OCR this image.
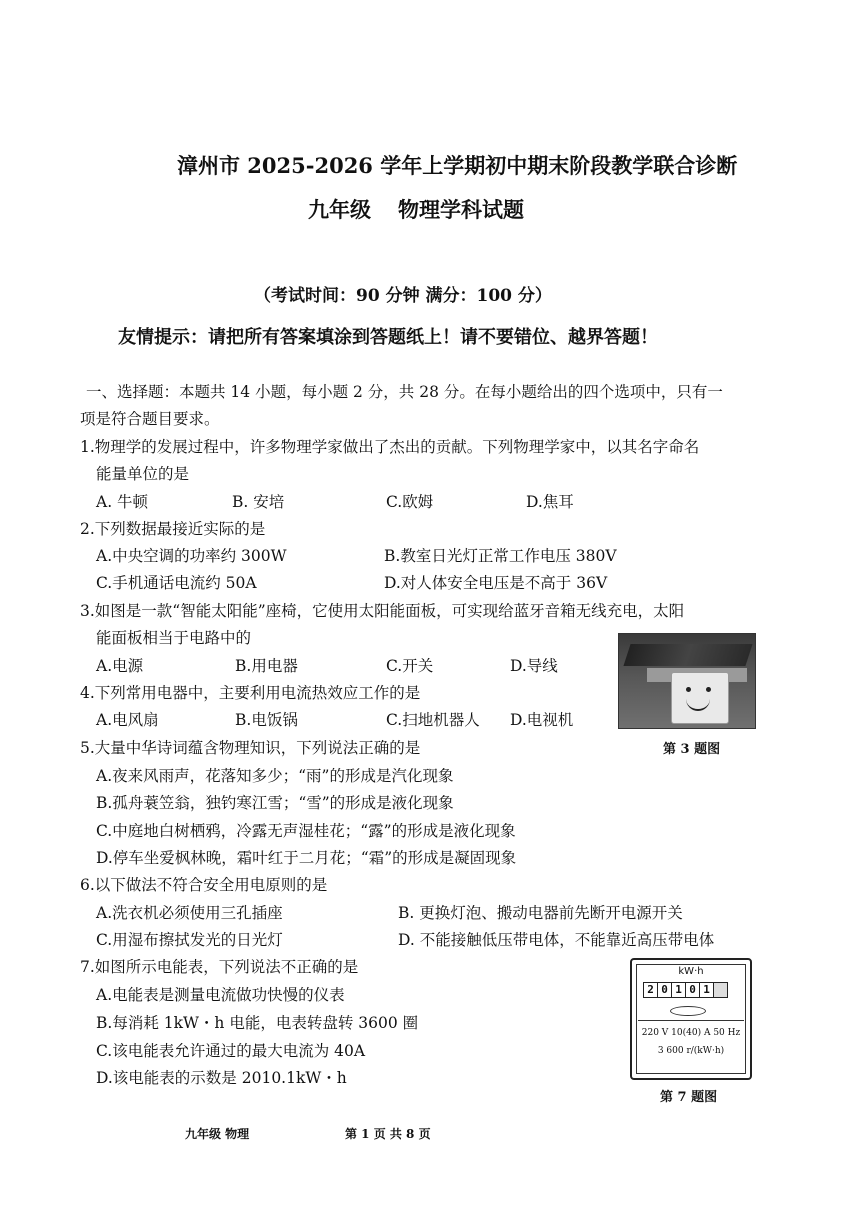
漳州市 2025-2026 学年上学期初中期末阶段教学联合诊断
九年级 物理学科试题
（考试时间：90 分钟 满分：100 分）
友情提示：请把所有答案填涂到答题纸上！请不要错位、越界答题！
一、选择题：本题共 14 小题，每小题 2 分，共 28 分。在每小题给出的四个选项中，只有一
项是符合题目要求。
1.物理学的发展过程中，许多物理学家做出了杰出的贡献。下列物理学家中，以其名字命名
能量单位的是
A. 牛顿	B. 安培	C.欧姆	D.焦耳
2.下列数据最接近实际的是
A.中央空调的功率约 300W	B.教室日光灯正常工作电压 380V
C.手机通话电流约 50A	D.对人体安全电压是不高于 36V
3.如图是一款“智能太阳能”座椅，它使用太阳能面板，可实现给蓝牙音箱无线充电，太阳
能面板相当于电路中的
A.电源	B.用电器	C.开关	D.导线
4.下列常用电器中，主要利用电流热效应工作的是
A.电风扇	B.电饭锅	C.扫地机器人 D.电视机
第 3 题图
5.大量中华诗词蕴含物理知识，下列说法正确的是
A.夜来风雨声，花落知多少；“雨”的形成是汽化现象
B.孤舟蓑笠翁，独钓寒江雪；“雪”的形成是液化现象
C.中庭地白树栖鸦，冷露无声湿桂花；“露”的形成是液化现象
D.停车坐爱枫林晚，霜叶红于二月花；“霜”的形成是凝固现象
6.以下做法不符合安全用电原则的是
A.洗衣机必须使用三孔插座	B. 更换灯泡、搬动电器前先断开电源开关
C.用湿布擦拭发光的日光灯	D. 不能接触低压带电体，不能靠近高压带电体
7.如图所示电能表，下列说法不正确的是
A.电能表是测量电流做功快慢的仪表
B.每消耗 1kW・h 电能，电表转盘转 3600 圈
C.该电能表允许通过的最大电流为 40A
D.该电能表的示数是 2010.1kW・h
kW·h
2 0 1 0 1
220 V 10(40) A 50 Hz
3 600 r/(kW·h)
第 7 题图
九年级 物理	第 1 页 共 8 页
